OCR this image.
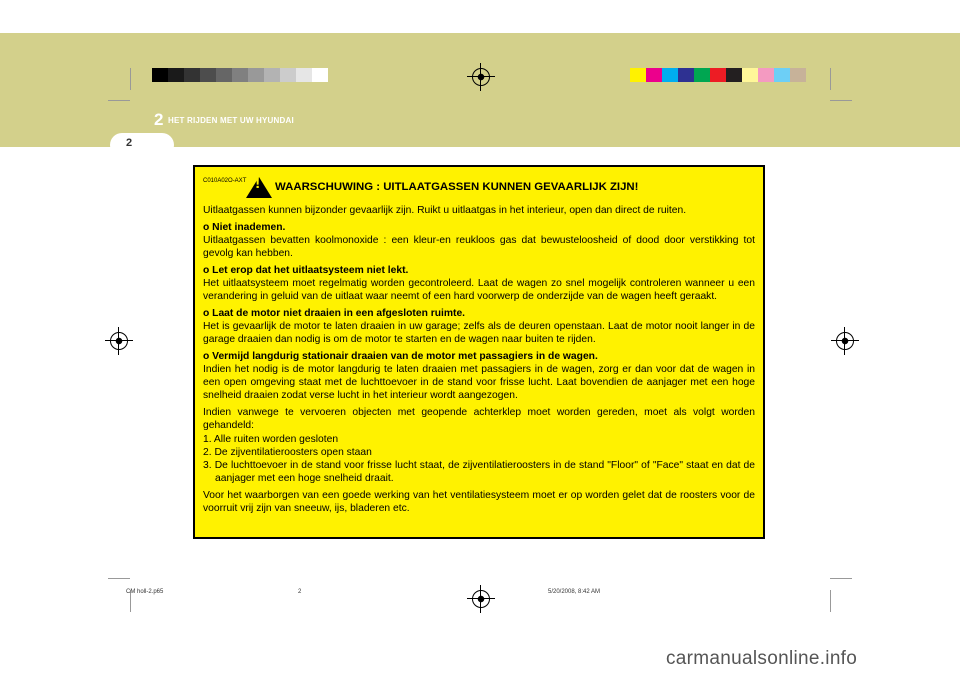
2 HET RIJDEN MET UW HYUNDAI
2
C010A02O-AXT ! WAARSCHUWING : UITLAATGASSEN KUNNEN GEVAARLIJK ZIJN!

Uitlaatgassen kunnen bijzonder gevaarlijk zijn. Ruikt u uitlaatgas in het interieur, open dan direct de ruiten.

o Niet inademen.
Uitlaatgassen bevatten koolmonoxide : een kleur-en reukloos gas dat bewusteloosheid of dood door verstikking tot gevolg kan hebben.

o Let erop dat het uitlaatsysteem niet lekt.
Het uitlaatsysteem moet regelmatig worden gecontroleerd. Laat de wagen zo snel mogelijk controleren wanneer u een verandering in geluid van de uitlaat waar neemt of een hard voorwerp de onderzijde van de wagen heeft geraakt.

o Laat de motor niet draaien in een afgesloten ruimte.
Het is gevaarlijk de motor te laten draaien in uw garage; zelfs als de deuren openstaan. Laat de motor nooit langer in de garage draaien dan nodig is om de motor te starten en de wagen naar buiten te rijden.

o Vermijd langdurig stationair draaien van de motor met passagiers in de wagen.
Indien het nodig is de motor langdurig te laten draaien met passagiers in de wagen, zorg er dan voor dat de wagen in een open omgeving staat met de luchttoevoer in de stand voor frisse lucht. Laat bovendien de aanjager met een hoge snelheid draaien zodat verse lucht in het interieur wordt aangezogen.

Indien vanwege te vervoeren objecten met geopende achterklep moet worden gereden, moet als volgt worden gehandeld:

1. Alle ruiten worden gesloten
2. De zijventilatieroosters open staan
3. De luchttoevoer in de stand voor frisse lucht staat, de zijventilatieroosters in de stand "Floor" of "Face" staat en dat de aanjager met een hoge snelheid draait.

Voor het waarborgen van een goede werking van het ventilatiesysteem moet er op worden gelet dat de roosters voor de voorruit vrij zijn van sneeuw, ijs, bladeren etc.

CM holl-2.p65	2	5/20/2008, 8:42 AM
carmanualsonline.info
